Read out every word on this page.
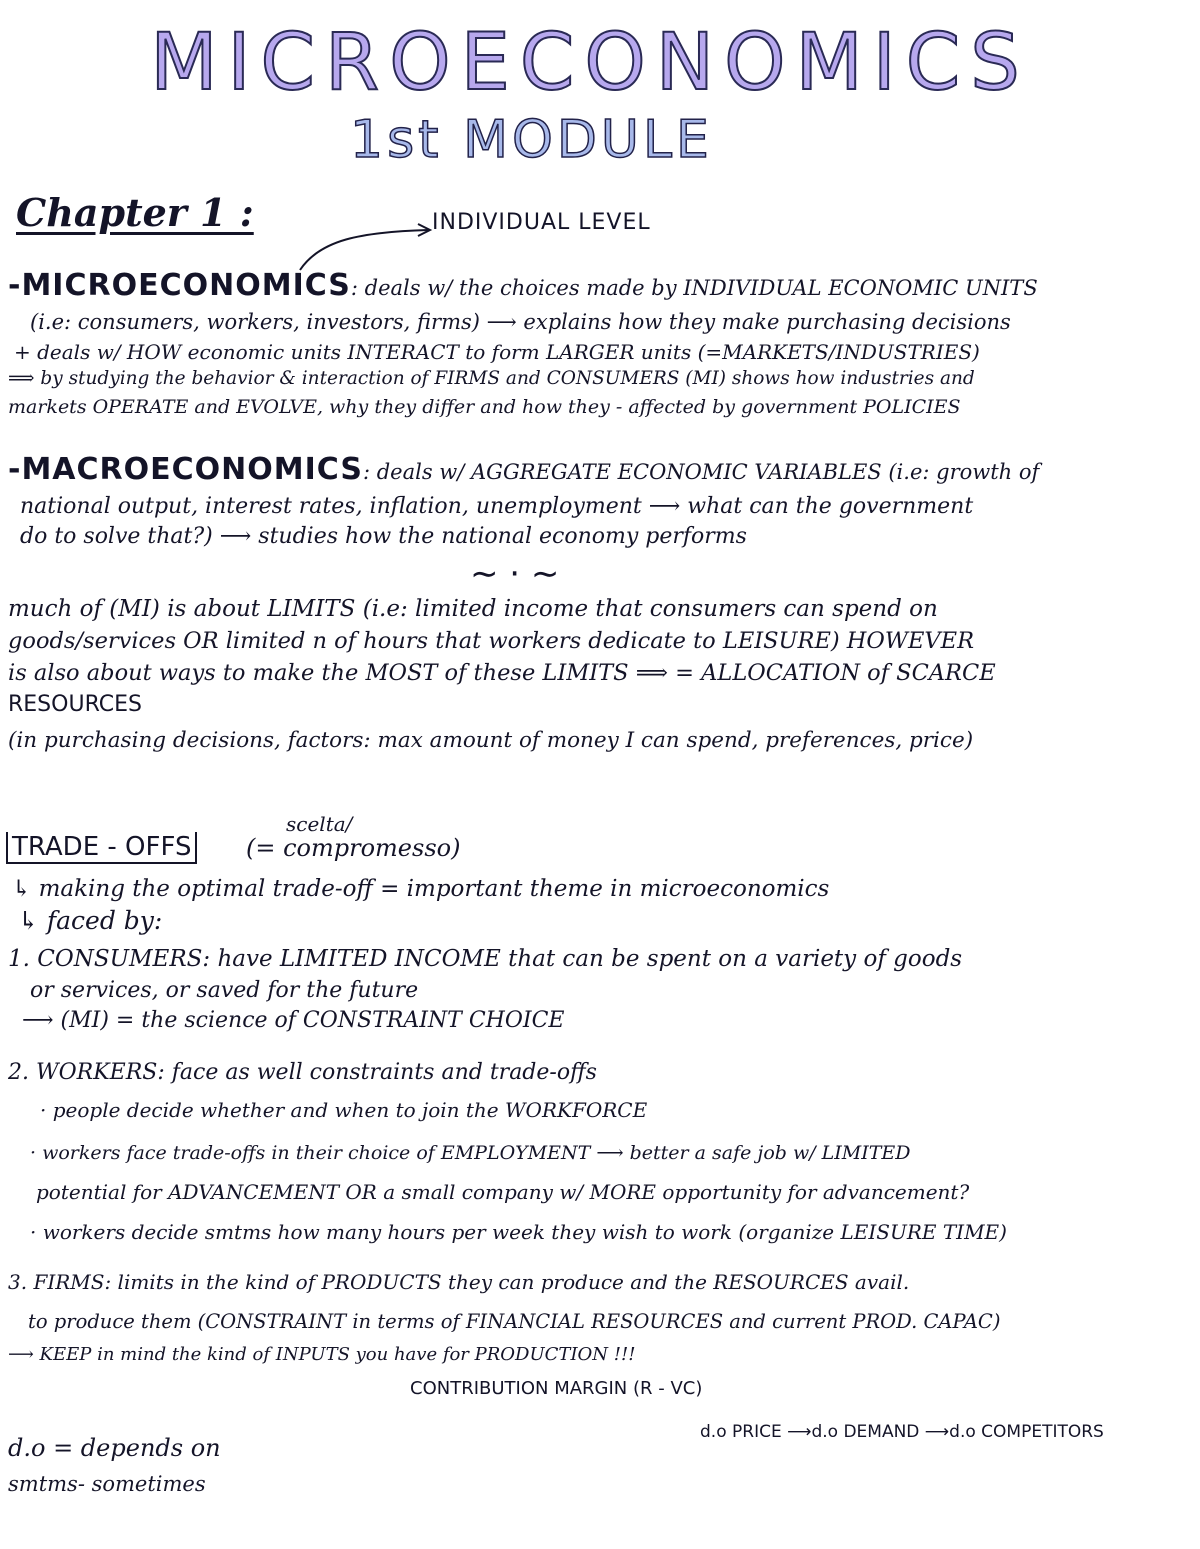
MICROECONOMICS
1st MODULE
Chapter 1 :	INDIVIDUAL LEVEL
-MICROECONOMICS: deals w/ the choices made by INDIVIDUAL ECONOMIC UNITS
(i.e: consumers, workers, investors, firms) ⟶ explains how they make purchasing decisions
+ deals w/ HOW economic units INTERACT to form LARGER units (=MARKETS/INDUSTRIES)
⟹ by studying the behavior & interaction of FIRMS and CONSUMERS (MI) shows how industries and
markets OPERATE and EVOLVE, why they differ and how they - affected by government POLICIES
-MACROECONOMICS: deals w/ AGGREGATE ECONOMIC VARIABLES (i.e: growth of
national output, interest rates, inflation, unemployment ⟶ what can the government
do to solve that?) ⟶ studies how the national economy performs
∼ · ∼
much of (MI) is about LIMITS (i.e: limited income that consumers can spend on
goods/services OR limited n of hours that workers dedicate to LEISURE) HOWEVER
is also about ways to make the MOST of these LIMITS ⟹ = ALLOCATION of SCARCE
RESOURCES
(in purchasing decisions, factors: max amount of money I can spend, preferences, price)
TRADE - OFFS
scelta/
(= compromesso)
↳ making the optimal trade-off = important theme in microeconomics
↳ faced by:
1. CONSUMERS: have LIMITED INCOME that can be spent on a variety of goods
or services, or saved for the future
⟶ (MI) = the science of CONSTRAINT CHOICE
2. WORKERS: face as well constraints and trade-offs
· people decide whether and when to join the WORKFORCE
· workers face trade-offs in their choice of EMPLOYMENT ⟶ better a safe job w/ LIMITED
potential for ADVANCEMENT OR a small company w/ MORE opportunity for advancement?
· workers decide smtms how many hours per week they wish to work (organize LEISURE TIME)
3. FIRMS: limits in the kind of PRODUCTS they can produce and the RESOURCES avail.
to produce them (CONSTRAINT in terms of FINANCIAL RESOURCES and current PROD. CAPAC)
⟶ KEEP in mind the kind of INPUTS you have for PRODUCTION !!!
CONTRIBUTION MARGIN (R - VC)
d.o PRICE ⟶d.o DEMAND ⟶d.o COMPETITORS
d.o = depends on
smtms- sometimes
